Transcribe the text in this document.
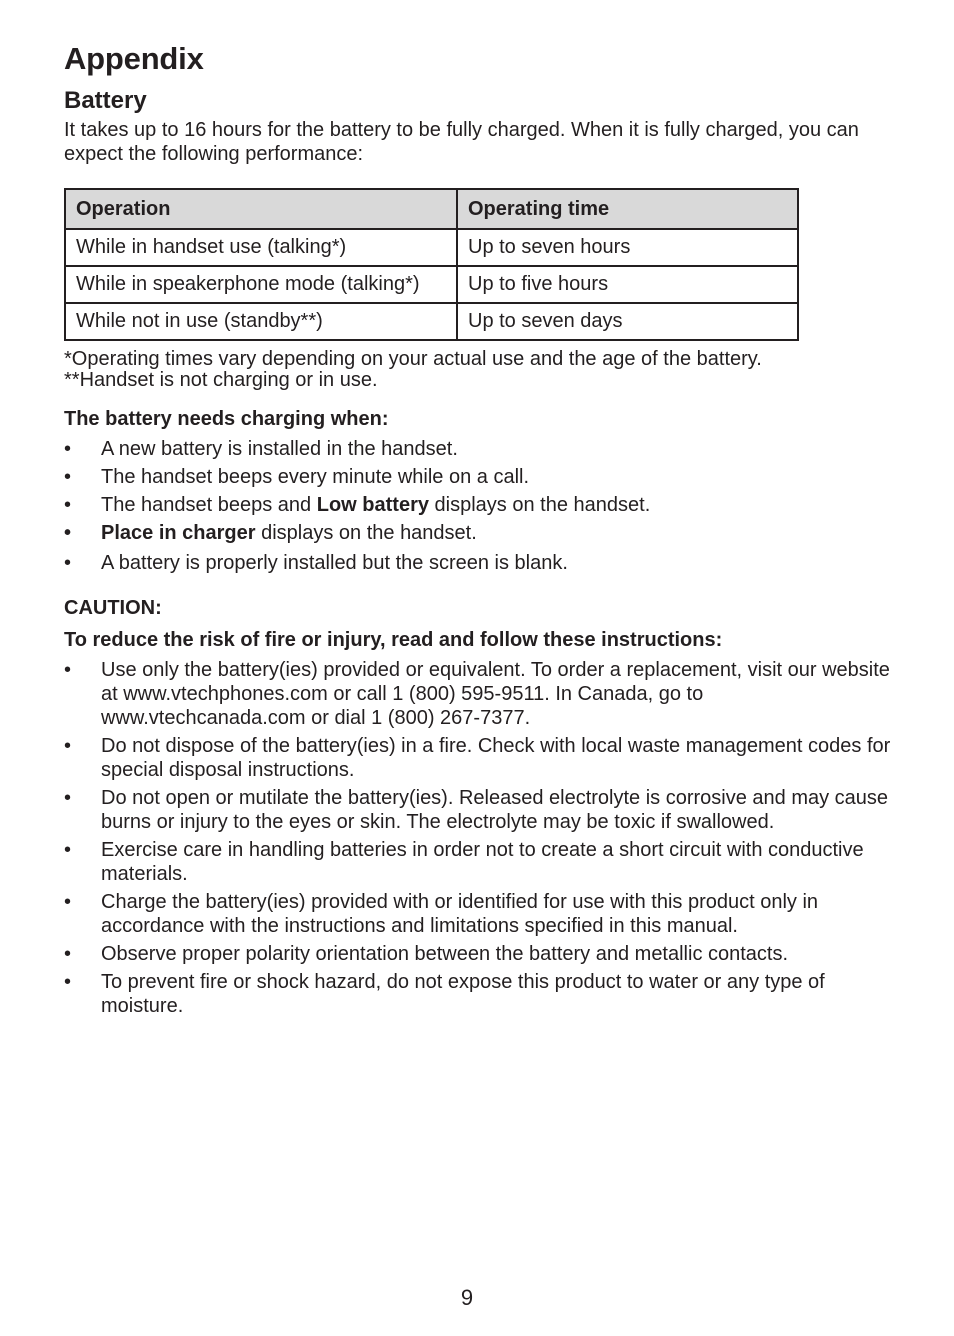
Appendix
Battery

It takes up to 16 hours for the battery to be fully charged. When it is fully charged, you can expect the following performance:

Operation	Operating time
While in handset use (talking*)	Up to seven hours
While in speakerphone mode (talking*)	Up to five hours
While not in use (standby**)	Up to seven days

*Operating times vary depending on your actual use and the age of the battery.

**Handset is not charging or in use.

The battery needs charging when:

• A new battery is installed in the handset.
• The handset beeps every minute while on a call.
• The handset beeps and Low battery displays on the handset.
• Place in charger displays on the handset.
• A battery is properly installed but the screen is blank.

CAUTION:

To reduce the risk of fire or injury, read and follow these instructions:

• Use only the battery(ies) provided or equivalent. To order a replacement, visit our website at www.vtechphones.com or call 1 (800) 595-9511. In Canada, go to www.vtechcanada.com or dial 1 (800) 267-7377.
• Do not dispose of the battery(ies) in a fire. Check with local waste management codes for special disposal instructions.
• Do not open or mutilate the battery(ies). Released electrolyte is corrosive and may cause burns or injury to the eyes or skin. The electrolyte may be toxic if swallowed.
• Exercise care in handling batteries in order not to create a short circuit with conductive materials.
• Charge the battery(ies) provided with or identified for use with this product only in accordance with the instructions and limitations specified in this manual.
• Observe proper polarity orientation between the battery and metallic contacts.
• To prevent fire or shock hazard, do not expose this product to water or any type of moisture.
9
